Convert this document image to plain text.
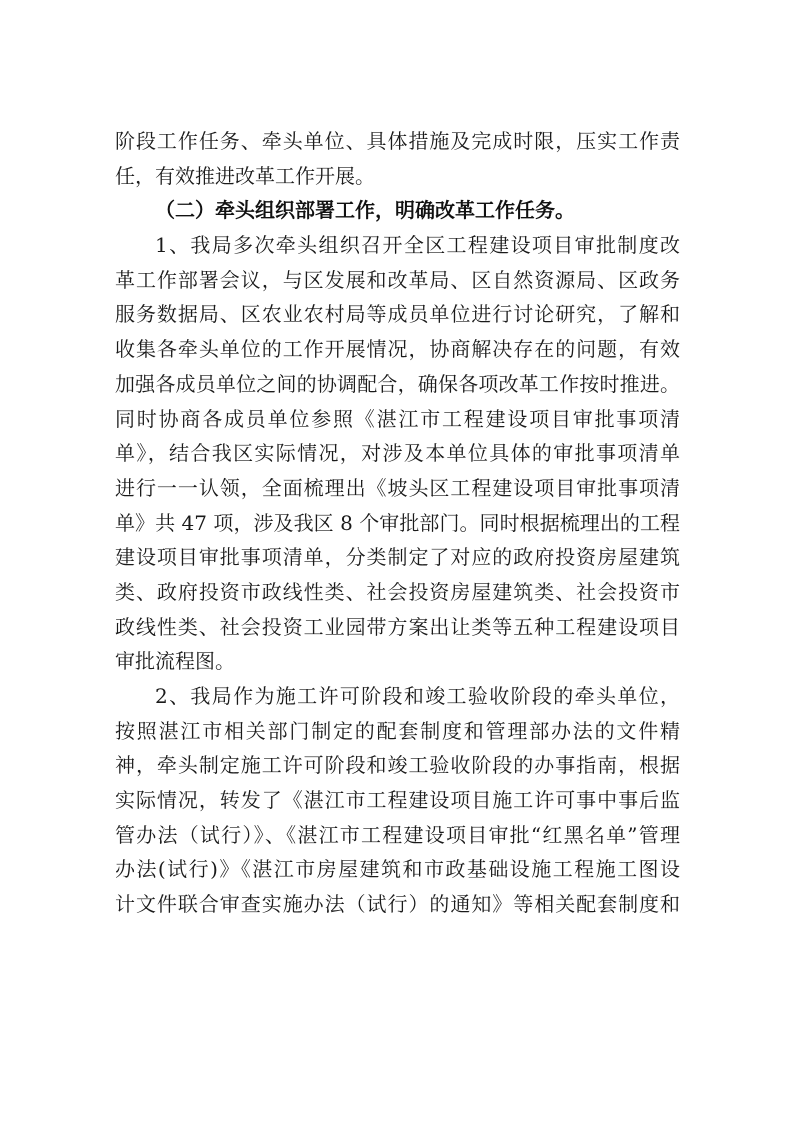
阶段工作任务、牵头单位、具体措施及完成时限，压实工作责
任，有效推进改革工作开展。
（二）牵头组织部署工作，明确改革工作任务。
1、我局多次牵头组织召开全区工程建设项目审批制度改
革工作部署会议，与区发展和改革局、区自然资源局、区政务
服务数据局、区农业农村局等成员单位进行讨论研究，了解和
收集各牵头单位的工作开展情况，协商解决存在的问题，有效
加强各成员单位之间的协调配合，确保各项改革工作按时推进。
同时协商各成员单位参照《湛江市工程建设项目审批事项清
单》，结合我区实际情况，对涉及本单位具体的审批事项清单
进行一一认领，全面梳理出《坡头区工程建设项目审批事项清
单》共 47 项，涉及我区 8 个审批部门。同时根据梳理出的工程
建设项目审批事项清单，分类制定了对应的政府投资房屋建筑
类、政府投资市政线性类、社会投资房屋建筑类、社会投资市
政线性类、社会投资工业园带方案出让类等五种工程建设项目
审批流程图。
2、我局作为施工许可阶段和竣工验收阶段的牵头单位，
按照湛江市相关部门制定的配套制度和管理部办法的文件精
神，牵头制定施工许可阶段和竣工验收阶段的办事指南，根据
实际情况，转发了《湛江市工程建设项目施工许可事中事后监
管办法（试行）》、《湛江市工程建设项目审批“红黑名单”管理
办法(试行)》《湛江市房屋建筑和市政基础设施工程施工图设
计文件联合审查实施办法（试行）的通知》等相关配套制度和
